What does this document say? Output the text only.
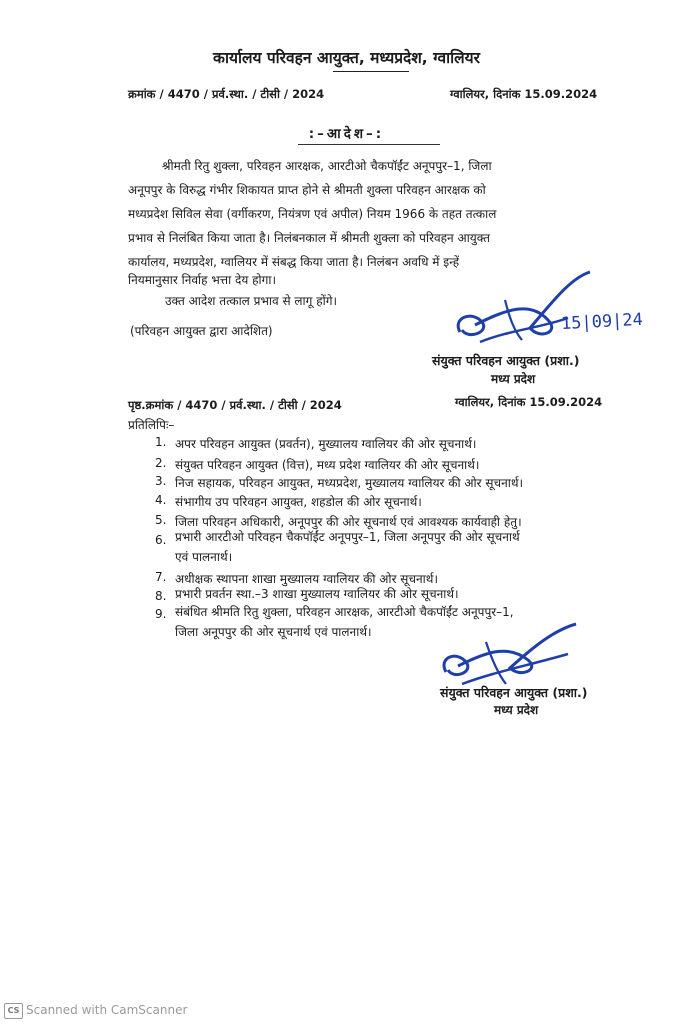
कार्यालय परिवहन आयुक्त, मध्यप्रदेश, ग्वालियर
क्रमांक / 4470 / प्रर्व.स्था. / टीसी / 2024	ग्वालियर, दिनांक 15.09.2024
:–आदेश–:
श्रीमती रितु शुक्ला, परिवहन आरक्षक, आरटीओ चैकपॉईंट अनूपपुर–1, जिला
अनूपपुर के विरुद्ध गंभीर शिकायत प्राप्त होने से श्रीमती शुक्ला परिवहन आरक्षक को
मध्यप्रदेश सिविल सेवा (वर्गीकरण, नियंत्रण एवं अपील) नियम 1966 के तहत तत्काल
प्रभाव से निलंबित किया जाता है। निलंबनकाल में श्रीमती शुक्ला को परिवहन आयुक्त
कार्यालय, मध्यप्रदेश, ग्वालियर में संबद्ध किया जाता है। निलंबन अवधि में इन्हें
नियमानुसार निर्वाह भत्ता देय होगा।
उक्त आदेश तत्काल प्रभाव से लागू होंगे।
(परिवहन आयुक्त द्वारा आदेशित)	15|09|24
संयुक्त परिवहन आयुक्त (प्रशा.)
मध्य प्रदेश
पृष्ठ.क्रमांक / 4470 / प्रर्व.स्था. / टीसी / 2024	ग्वालियर, दिनांक 15.09.2024
प्रतिलिपिः–
1. अपर परिवहन आयुक्त (प्रवर्तन), मुख्यालय ग्वालियर की ओर सूचनार्थ।
2. संयुक्त परिवहन आयुक्त (वित्त), मध्य प्रदेश ग्वालियर की ओर सूचनार्थ।
3. निज सहायक, परिवहन आयुक्त, मध्यप्रदेश, मुख्यालय ग्वालियर की ओर सूचनार्थ।
4. संभागीय उप परिवहन आयुक्त, शहडोल की ओर सूचनार्थ।
5. जिला परिवहन अधिकारी, अनूपपुर की ओर सूचनार्थ एवं आवश्यक कार्यवाही हेतु।
6. प्रभारी आरटीओ परिवहन चैकपॉईंट अनूपपुर–1, जिला अनूपपुर की ओर सूचनार्थ
एवं पालनार्थ।
7. अधीक्षक स्थापना शाखा मुख्यालय ग्वालियर की ओर सूचनार्थ।
8. प्रभारी प्रवर्तन स्था.–3 शाखा मुख्यालय ग्वालियर की ओर सूचनार्थ।
9. संबंधित श्रीमति रितु शुक्ला, परिवहन आरक्षक, आरटीओ चैकपॉईंट अनूपपुर–1,
जिला अनूपपुर की ओर सूचनार्थ एवं पालनार्थ।
संयुक्त परिवहन आयुक्त (प्रशा.)
मध्य प्रदेश
CS Scanned with CamScanner
